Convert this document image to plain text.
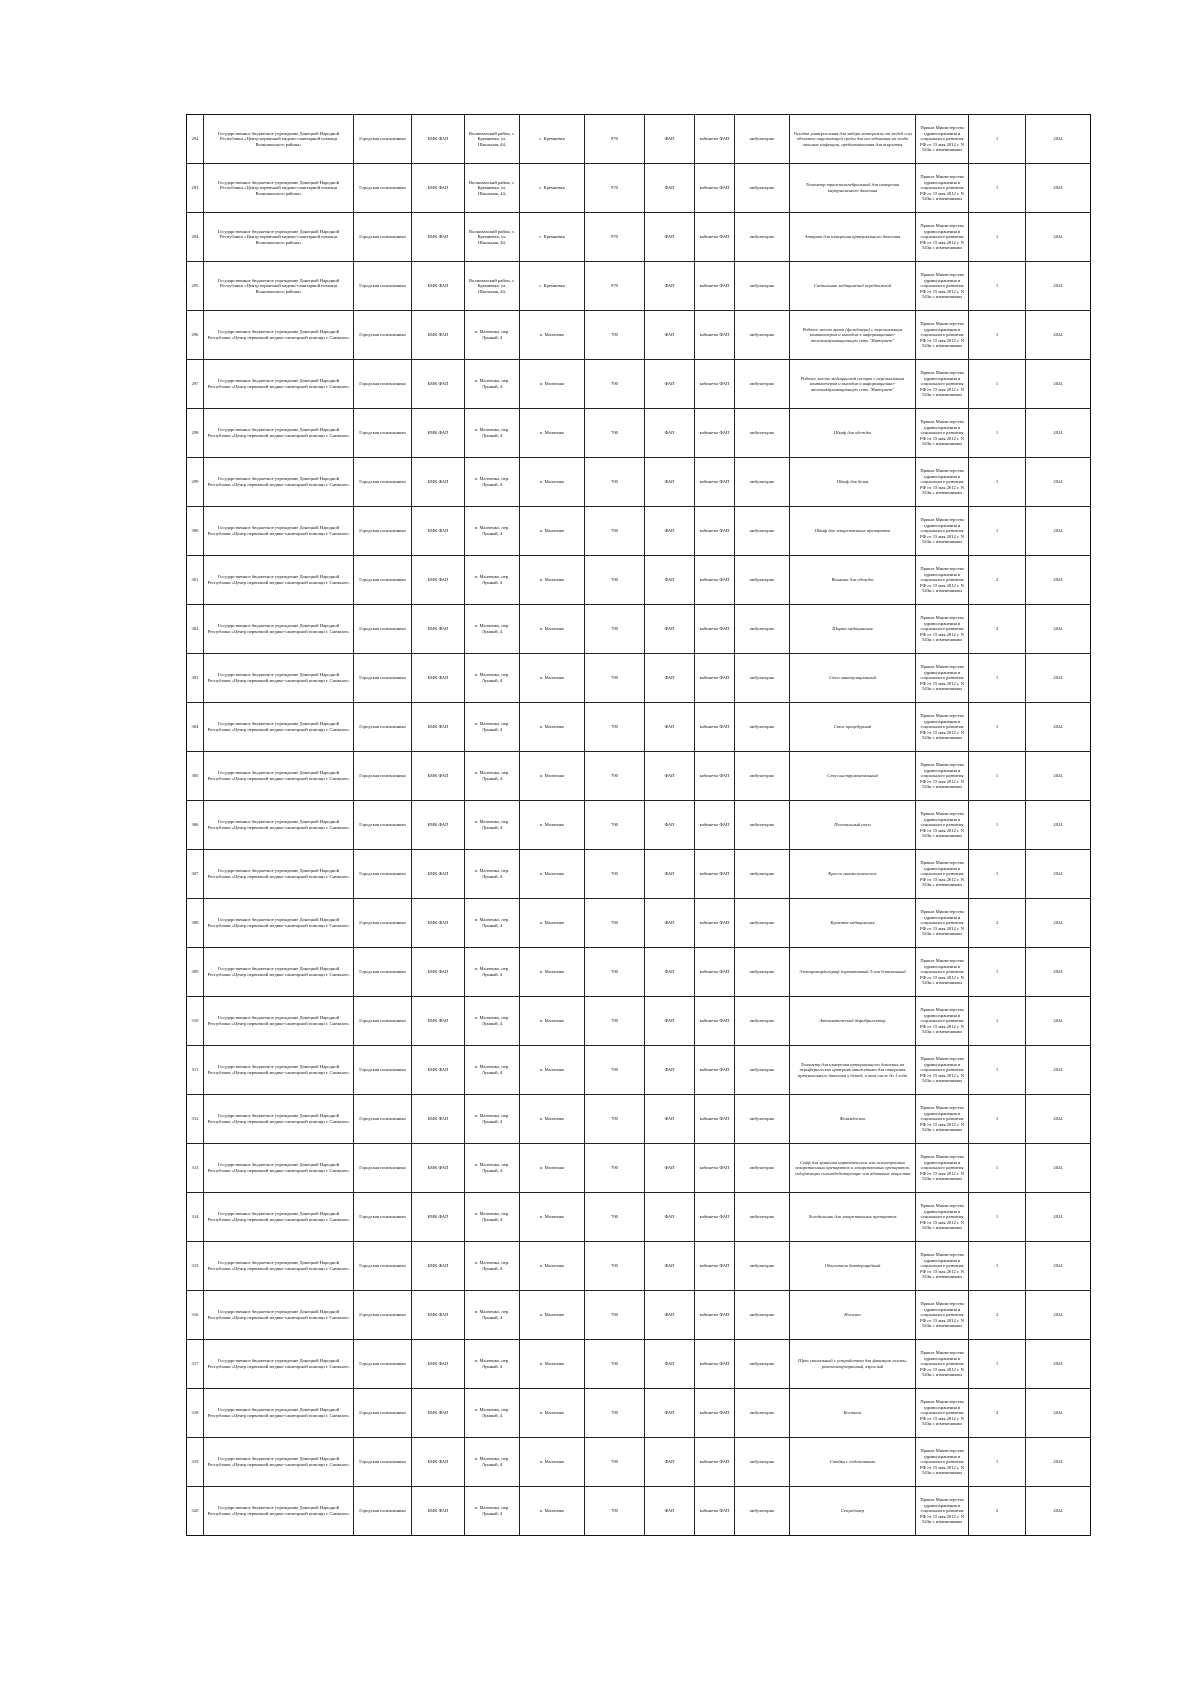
292	Государственное бюджетное учреждение Донецкой Народной Республики «Центр первичной медико-санитарной помощи Волновахского района»	Городская поликлиника	БМК ФАП	Волновахский район, с. Кремневка, ул. Школьная, 44,	с. Кремневка	970	ФАП	кабинеты ФАП	амбулаторно	Укладка универсальная для забора материала от людей и из объектов окружающей среды для исследования на особо опасные инфекции, предназначенная для вскрытия	Приказ Министерства здравоохранения и социального развития РФ от 15 мая 2012 г. N 543н с изменениями	1	2024
293	Государственное бюджетное учреждение Донецкой Народной Республики «Центр первичной медико-санитарной помощи Волновахского района»	Городская поликлиника	БМК ФАП	Волновахский район, с. Кремневка, ул. Школьная, 44,	с. Кремневка	970	ФАП	кабинеты ФАП	амбулаторно	Тонометр транспальпебральный для измерения внутриглазного давления	Приказ Министерства здравоохранения и социального развития РФ от 15 мая 2012 г. N 543н с изменениями	1	2024
294	Государственное бюджетное учреждение Донецкой Народной Республики «Центр первичной медико-санитарной помощи Волновахского района»	Городская поликлиника	БМК ФАП	Волновахский район, с. Кремневка, ул. Школьная, 44,	с. Кремневка	970	ФАП	кабинеты ФАП	амбулаторно	Аппарат для измерения артериального давления	Приказ Министерства здравоохранения и социального развития РФ от 15 мая 2012 г. N 543н с изменениями	1	2024
295	Государственное бюджетное учреждение Донецкой Народной Республики «Центр первичной медико-санитарной помощи Волновахского района»	Городская поликлиника	БМК ФАП	Волновахский район, с. Кремневка, ул. Школьная, 44,	с. Кремневка	970	ФАП	кабинеты ФАП	амбулаторно	Светильник медицинский передвижной	Приказ Министерства здравоохранения и социального развития РФ от 15 мая 2012 г. N 543н с изменениями	1	2024
296	Государственное бюджетное учреждение Донецкой Народной Республики «Центр первичной медико-санитарной помощи г. Снежное»	Городская поликлиника	БМК ФАП	п. Малченко, пер. Лунный, 4	п. Малченко	700	ФАП	кабинеты ФАП	амбулаторно	Рабочее место врача (фельдшера) с персональным компьютером и выходом в информационно-телекоммуникационную сеть "Интернет"	Приказ Министерства здравоохранения и социального развития РФ от 15 мая 2012 г. N 543н с изменениями	1	2024
297	Государственное бюджетное учреждение Донецкой Народной Республики «Центр первичной медико-санитарной помощи г. Снежное»	Городская поликлиника	БМК ФАП	п. Малченко, пер. Лунный, 4	п. Малченко	700	ФАП	кабинеты ФАП	амбулаторно	Рабочее место медицинской сестры с персональным компьютером и выходом в информационно-телекоммуникационную сеть "Интернет"	Приказ Министерства здравоохранения и социального развития РФ от 15 мая 2012 г. N 543н с изменениями	1	2024
298	Государственное бюджетное учреждение Донецкой Народной Республики «Центр первичной медико-санитарной помощи г. Снежное»	Городская поликлиника	БМК ФАП	п. Малченко, пер. Лунный, 4	п. Малченко	700	ФАП	кабинеты ФАП	амбулаторно	Шкаф для одежды	Приказ Министерства здравоохранения и социального развития РФ от 15 мая 2012 г. N 543н с изменениями	1	2024
299	Государственное бюджетное учреждение Донецкой Народной Республики «Центр первичной медико-санитарной помощи г. Снежное»	Городская поликлиника	БМК ФАП	п. Малченко, пер. Лунный, 4	п. Малченко	700	ФАП	кабинеты ФАП	амбулаторно	Шкаф для белья	Приказ Министерства здравоохранения и социального развития РФ от 15 мая 2012 г. N 543н с изменениями	1	2024
300	Государственное бюджетное учреждение Донецкой Народной Республики «Центр первичной медико-санитарной помощи г. Снежное»	Городская поликлиника	БМК ФАП	п. Малченко, пер. Лунный, 4	п. Малченко	700	ФАП	кабинеты ФАП	амбулаторно	Шкаф для лекарственных препаратов	Приказ Министерства здравоохранения и социального развития РФ от 15 мая 2012 г. N 543н с изменениями	1	2024
301	Государственное бюджетное учреждение Донецкой Народной Республики «Центр первичной медико-санитарной помощи г. Снежное»	Городская поликлиника	БМК ФАП	п. Малченко, пер. Лунный, 4	п. Малченко	700	ФАП	кабинеты ФАП	амбулаторно	Вешалка для одежды	Приказ Министерства здравоохранения и социального развития РФ от 15 мая 2012 г. N 543н с изменениями	2	2024
302	Государственное бюджетное учреждение Донецкой Народной Республики «Центр первичной медико-санитарной помощи г. Снежное»	Городская поликлиника	БМК ФАП	п. Малченко, пер. Лунный, 4	п. Малченко	700	ФАП	кабинеты ФАП	амбулаторно	Ширма медицинская	Приказ Министерства здравоохранения и социального развития РФ от 15 мая 2012 г. N 543н с изменениями	2	2024
303	Государственное бюджетное учреждение Донецкой Народной Республики «Центр первичной медико-санитарной помощи г. Снежное»	Городская поликлиника	БМК ФАП	п. Малченко, пер. Лунный, 4	п. Малченко	700	ФАП	кабинеты ФАП	амбулаторно	Стол манипуляционный	Приказ Министерства здравоохранения и социального развития РФ от 15 мая 2012 г. N 543н с изменениями	1	2024
304	Государственное бюджетное учреждение Донецкой Народной Республики «Центр первичной медико-санитарной помощи г. Снежное»	Городская поликлиника	БМК ФАП	п. Малченко, пер. Лунный, 4	п. Малченко	700	ФАП	кабинеты ФАП	амбулаторно	Стол процедурный	Приказ Министерства здравоохранения и социального развития РФ от 15 мая 2012 г. N 543н с изменениями	1	2024
305	Государственное бюджетное учреждение Донецкой Народной Республики «Центр первичной медико-санитарной помощи г. Снежное»	Городская поликлиника	БМК ФАП	п. Малченко, пер. Лунный, 4	п. Малченко	700	ФАП	кабинеты ФАП	амбулаторно	Стол инструментальный	Приказ Министерства здравоохранения и социального развития РФ от 15 мая 2012 г. N 543н с изменениями	1	2024
306	Государственное бюджетное учреждение Донецкой Народной Республики «Центр первичной медико-санитарной помощи г. Снежное»	Городская поликлиника	БМК ФАП	п. Малченко, пер. Лунный, 4	п. Малченко	700	ФАП	кабинеты ФАП	амбулаторно	Пеленальный стол	Приказ Министерства здравоохранения и социального развития РФ от 15 мая 2012 г. N 543н с изменениями	1	2024
307	Государственное бюджетное учреждение Донецкой Народной Республики «Центр первичной медико-санитарной помощи г. Снежное»	Городская поликлиника	БМК ФАП	п. Малченко, пер. Лунный, 4	п. Малченко	700	ФАП	кабинеты ФАП	амбулаторно	Кресло гинекологическое	Приказ Министерства здравоохранения и социального развития РФ от 15 мая 2012 г. N 543н с изменениями	1	2024
308	Государственное бюджетное учреждение Донецкой Народной Республики «Центр первичной медико-санитарной помощи г. Снежное»	Городская поликлиника	БМК ФАП	п. Малченко, пер. Лунный, 4	п. Малченко	700	ФАП	кабинеты ФАП	амбулаторно	Кушетка медицинская	Приказ Министерства здравоохранения и социального развития РФ от 15 мая 2012 г. N 543н с изменениями	2	2024
309	Государственное бюджетное учреждение Донецкой Народной Республики «Центр первичной медико-санитарной помощи г. Снежное»	Городская поликлиника	БМК ФАП	п. Малченко, пер. Лунный, 4	п. Малченко	700	ФАП	кабинеты ФАП	амбулаторно	Электрокардиограф портативный 3-или 6-канальный	Приказ Министерства здравоохранения и социального развития РФ от 15 мая 2012 г. N 543н с изменениями	1	2024
310	Государственное бюджетное учреждение Донецкой Народной Республики «Центр первичной медико-санитарной помощи г. Снежное»	Городская поликлиника	БМК ФАП	п. Малченко, пер. Лунный, 4	п. Малченко	700	ФАП	кабинеты ФАП	амбулаторно	Автоматический дефибриллятор	Приказ Министерства здравоохранения и социального развития РФ от 15 мая 2012 г. N 543н с изменениями	1	2024
311	Государственное бюджетное учреждение Донецкой Народной Республики «Центр первичной медико-санитарной помощи г. Снежное»	Городская поликлиника	БМК ФАП	п. Малченко, пер. Лунный, 4	п. Малченко	700	ФАП	кабинеты ФАП	амбулаторно	Тонометр для измерения артериального давления на периферических артериях манжетами для измерения артериального давления у детей, в том числе до 1 года	Приказ Министерства здравоохранения и социального развития РФ от 15 мая 2012 г. N 543н с изменениями	1	2024
312	Государственное бюджетное учреждение Донецкой Народной Республики «Центр первичной медико-санитарной помощи г. Снежное»	Городская поликлиника	БМК ФАП	п. Малченко, пер. Лунный, 4	п. Малченко	700	ФАП	кабинеты ФАП	амбулаторно	Фонендоскоп	Приказ Министерства здравоохранения и социального развития РФ от 15 мая 2012 г. N 543н с изменениями	1	2024
313	Государственное бюджетное учреждение Донецкой Народной Республики «Центр первичной медико-санитарной помощи г. Снежное»	Городская поликлиника	БМК ФАП	п. Малченко, пер. Лунный, 4	п. Малченко	700	ФАП	кабинеты ФАП	амбулаторно	Сейф для хранения наркотических или психотропных лекарственных препаратов и лекарственных препаратов, содержащих сильнодействующие или ядовитые вещества	Приказ Министерства здравоохранения и социального развития РФ от 15 мая 2012 г. N 543н с изменениями	1	2024
314	Государственное бюджетное учреждение Донецкой Народной Республики «Центр первичной медико-санитарной помощи г. Снежное»	Городская поликлиника	БМК ФАП	п. Малченко, пер. Лунный, 4	п. Малченко	700	ФАП	кабинеты ФАП	амбулаторно	Холодильник для лекарственных препаратов	Приказ Министерства здравоохранения и социального развития РФ от 15 мая 2012 г. N 543н с изменениями	1	2024
315	Государственное бюджетное учреждение Донецкой Народной Республики «Центр первичной медико-санитарной помощи г. Снежное»	Городская поликлиника	БМК ФАП	п. Малченко, пер. Лунный, 4	п. Малченко	700	ФАП	кабинеты ФАП	амбулаторно	Облучатель бактерицидный	Приказ Министерства здравоохранения и социального развития РФ от 15 мая 2012 г. N 543н с изменениями	1	2024
316	Государственное бюджетное учреждение Донецкой Народной Республики «Центр первичной медико-санитарной помощи г. Снежное»	Городская поликлиника	БМК ФАП	п. Малченко, пер. Лунный, 4	п. Малченко	700	ФАП	кабинеты ФАП	амбулаторно	Носилки	Приказ Министерства здравоохранения и социального развития РФ от 15 мая 2012 г. N 543н с изменениями	2	2024
317	Государственное бюджетное учреждение Донецкой Народной Республики «Центр первичной медико-санитарной помощи г. Снежное»	Городская поликлиника	БМК ФАП	п. Малченко, пер. Лунный, 4	п. Малченко	700	ФАП	кабинеты ФАП	амбулаторно	Щит спинальный с устройством для фиксации головы, рентгенопрозрачный, взрослый	Приказ Министерства здравоохранения и социального развития РФ от 15 мая 2012 г. N 543н с изменениями	1	2024
318	Государственное бюджетное учреждение Донецкой Народной Республики «Центр первичной медико-санитарной помощи г. Снежное»	Городская поликлиника	БМК ФАП	п. Малченко, пер. Лунный, 4	п. Малченко	700	ФАП	кабинеты ФАП	амбулаторно	Костыли	Приказ Министерства здравоохранения и социального развития РФ от 15 мая 2012 г. N 543н с изменениями	2	2024
319	Государственное бюджетное учреждение Донецкой Народной Республики «Центр первичной медико-санитарной помощи г. Снежное»	Городская поликлиника	БМК ФАП	п. Малченко, пер. Лунный, 4	п. Малченко	700	ФАП	кабинеты ФАП	амбулаторно	Стойка с подставками	Приказ Министерства здравоохранения и социального развития РФ от 15 мая 2012 г. N 543н с изменениями	1	2024
320	Государственное бюджетное учреждение Донецкой Народной Республики «Центр первичной медико-санитарной помощи г. Снежное»	Городская поликлиника	БМК ФАП	п. Малченко, пер. Лунный, 4	п. Малченко	700	ФАП	кабинеты ФАП	амбулаторно	Секундомер	Приказ Министерства здравоохранения и социального развития РФ от 15 мая 2012 г. N 543н с изменениями	2	2024
